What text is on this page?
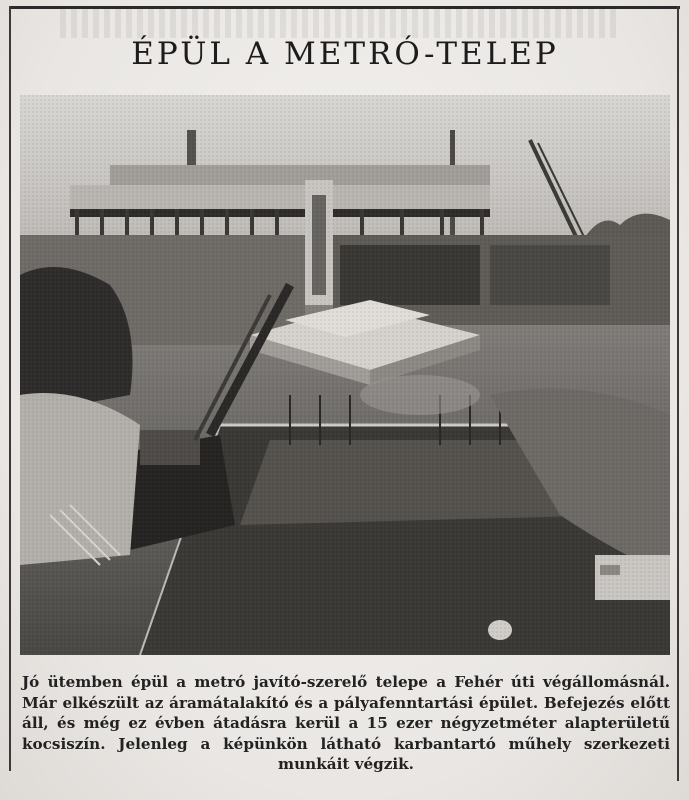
ÉPÜL A METRÓ-TELEP

Jó ütemben épül a metró javító-szerelő telepe a Fehér úti végállomásnál. Már elkészült az áramátalakító és a pályafenntartási épület. Befejezés előtt áll, és még ez évben átadásra kerül a 15 ezer négyzetméter alapterületű kocsiszín. Jelenleg a képünkön látható karbantartó műhely szerkezeti munkáit végzik.
